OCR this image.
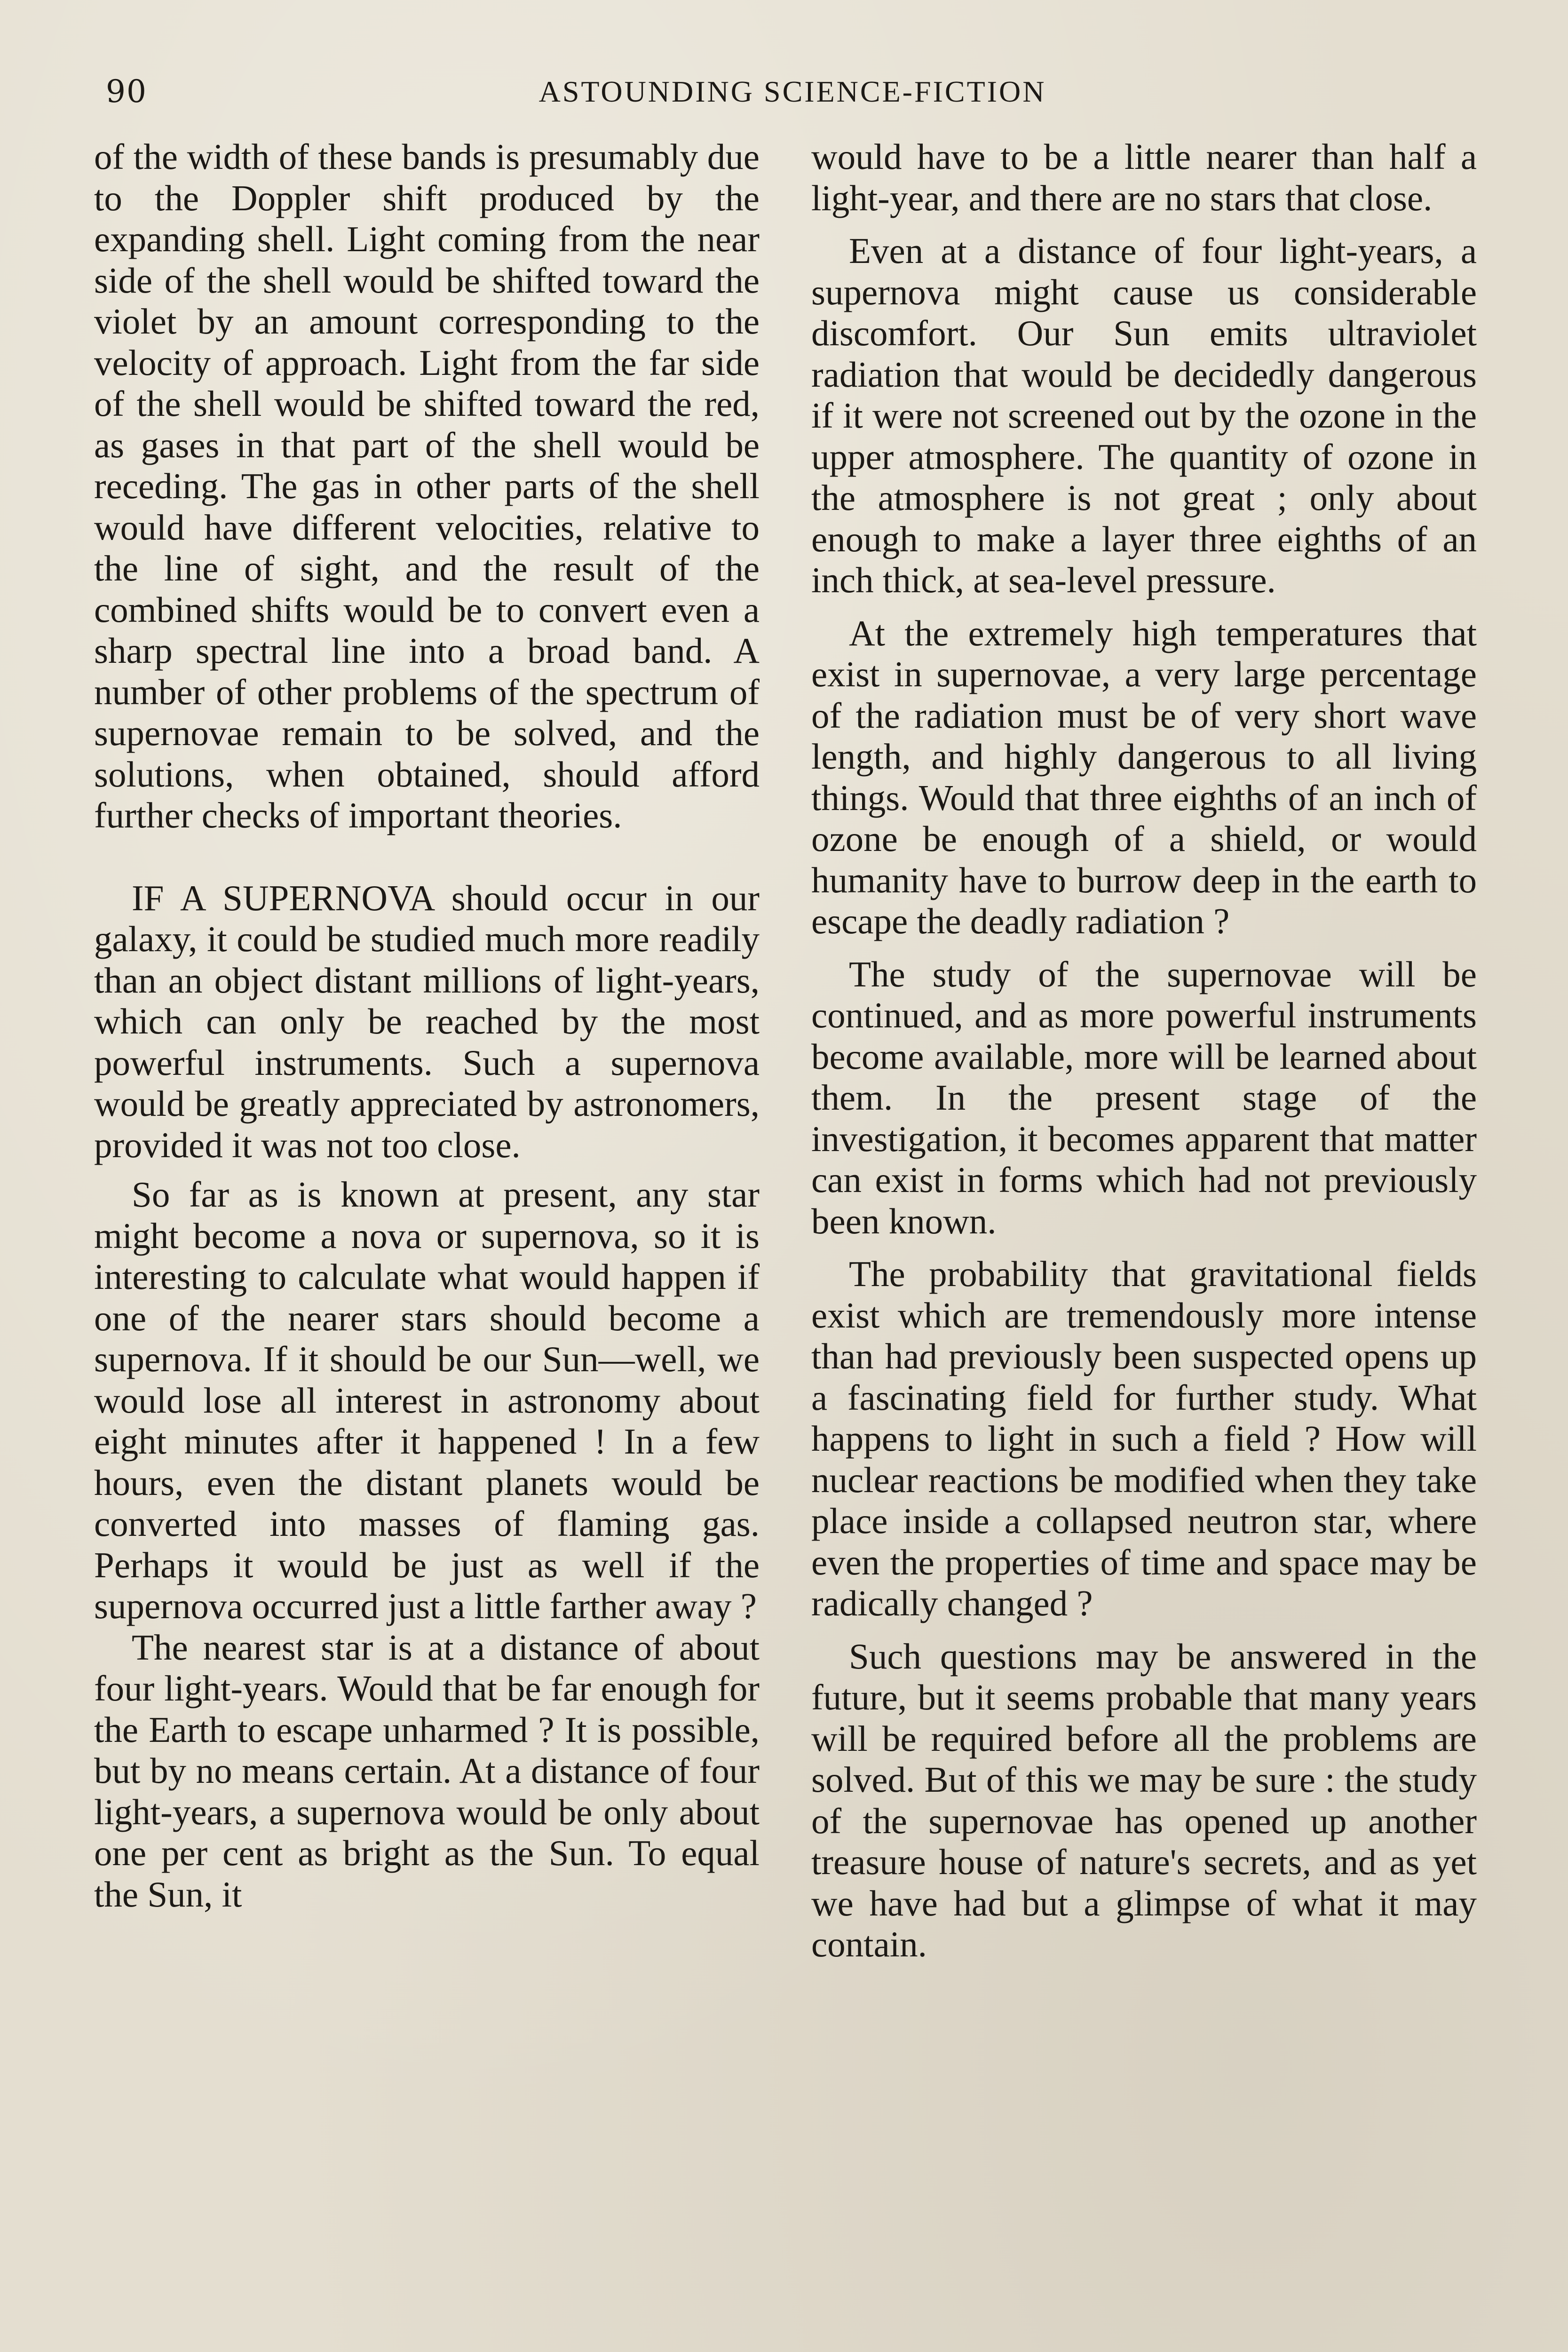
90	ASTOUNDING SCIENCE-FICTION

of the width of these bands is presumably due to the Doppler shift produced by the expanding shell. Light coming from the near side of the shell would be shifted toward the violet by an amount corresponding to the velocity of approach. Light from the far side of the shell would be shifted toward the red, as gases in that part of the shell would be receding. The gas in other parts of the shell would have different velocities, relative to the line of sight, and the result of the combined shifts would be to convert even a sharp spectral line into a broad band. A number of other problems of the spectrum of supernovae remain to be solved, and the solutions, when obtained, should afford further checks of important theories.

IF A SUPERNOVA should occur in our galaxy, it could be studied much more readily than an object distant millions of light-years, which can only be reached by the most powerful instruments. Such a supernova would be greatly appreciated by astronomers, provided it was not too close.

So far as is known at present, any star might become a nova or supernova, so it is interesting to calculate what would happen if one of the nearer stars should become a supernova. If it should be our Sun—well, we would lose all interest in astronomy about eight minutes after it happened ! In a few hours, even the distant planets would be converted into masses of flaming gas. Perhaps it would be just as well if the supernova occurred just a little farther away ?

The nearest star is at a distance of about four light-years. Would that be far enough for the Earth to escape unharmed ? It is possible, but by no means certain. At a distance of four light-years, a supernova would be only about one per cent as bright as the Sun. To equal the Sun, it

would have to be a little nearer than half a light-year, and there are no stars that close.

Even at a distance of four light-years, a supernova might cause us considerable discomfort. Our Sun emits ultraviolet radiation that would be decidedly dangerous if it were not screened out by the ozone in the upper atmosphere. The quantity of ozone in the atmosphere is not great ; only about enough to make a layer three eighths of an inch thick, at sea-level pressure.

At the extremely high temperatures that exist in supernovae, a very large percentage of the radiation must be of very short wave length, and highly dangerous to all living things. Would that three eighths of an inch of ozone be enough of a shield, or would humanity have to burrow deep in the earth to escape the deadly radiation ?

The study of the supernovae will be continued, and as more powerful instruments become available, more will be learned about them. In the present stage of the investigation, it becomes apparent that matter can exist in forms which had not previously been known.

The probability that gravitational fields exist which are tremendously more intense than had previously been suspected opens up a fascinating field for further study. What happens to light in such a field ? How will nuclear reactions be modified when they take place inside a collapsed neutron star, where even the properties of time and space may be radically changed ?

Such questions may be answered in the future, but it seems probable that many years will be required before all the problems are solved. But of this we may be sure : the study of the supernovae has opened up another treasure house of nature's secrets, and as yet we have had but a glimpse of what it may contain.
